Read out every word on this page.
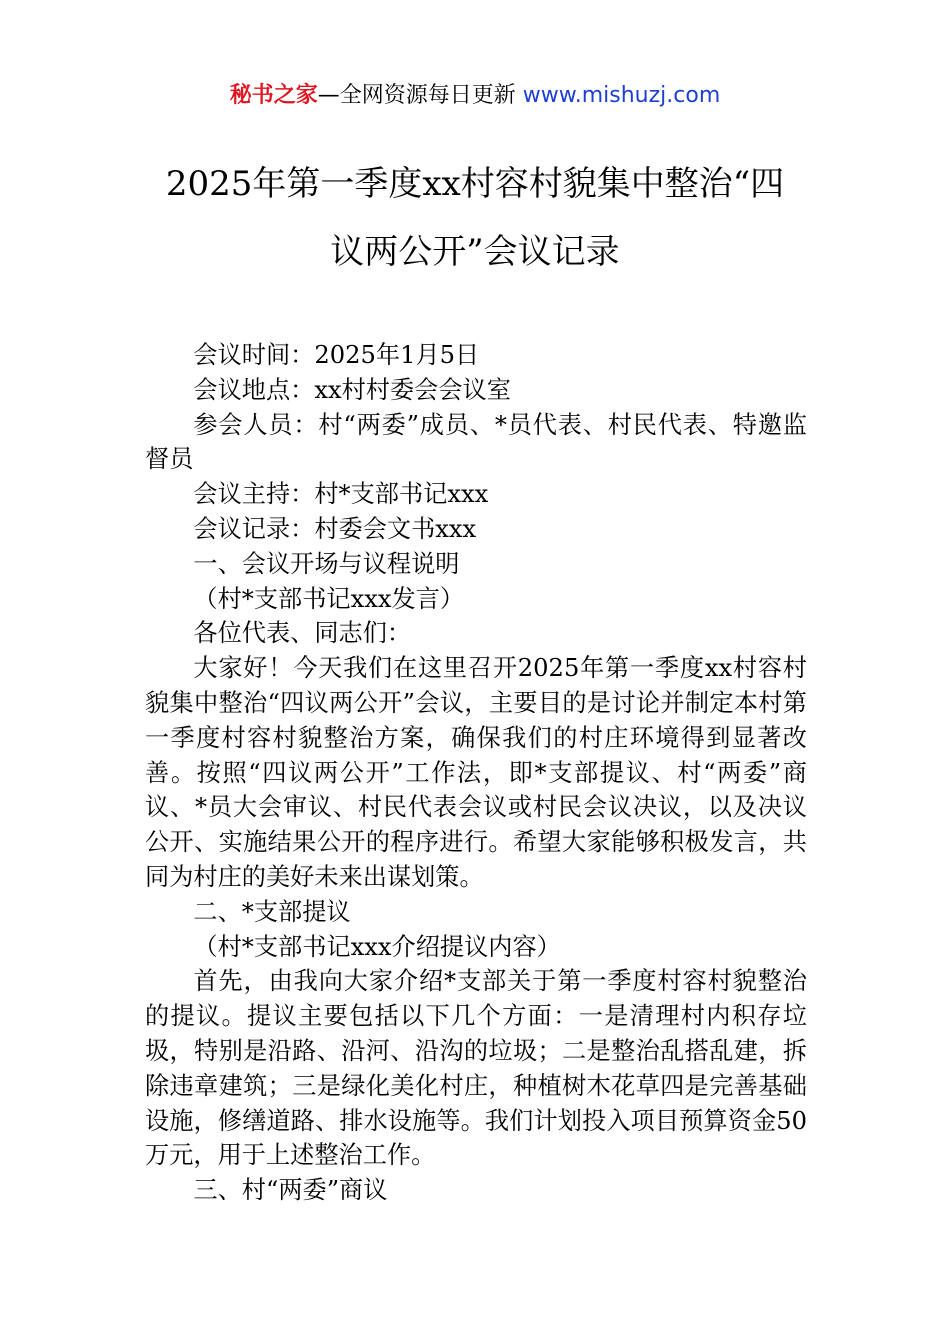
秘书之家—全网资源每日更新 www.mishuzj.com
2025年第一季度xx村容村貌集中整治“四
议两公开”会议记录

会议时间：2025年1月5日

会议地点：xx村村委会会议室

参会人员：村“两委”成员、*员代表、村民代表、特邀监督员

会议主持：村*支部书记xxx

会议记录：村委会文书xxx

一、会议开场与议程说明

（村*支部书记xxx发言）

各位代表、同志们：

大家好！今天我们在这里召开2025年第一季度xx村容村貌集中整治“四议两公开”会议，主要目的是讨论并制定本村第一季度村容村貌整治方案，确保我们的村庄环境得到显著改善。按照“四议两公开”工作法，即*支部提议、村“两委”商议、*员大会审议、村民代表会议或村民会议决议，以及决议公开、实施结果公开的程序进行。希望大家能够积极发言，共同为村庄的美好未来出谋划策。

二、*支部提议

（村*支部书记xxx介绍提议内容）

首先，由我向大家介绍*支部关于第一季度村容村貌整治的提议。提议主要包括以下几个方面：一是清理村内积存垃圾，特别是沿路、沿河、沿沟的垃圾；二是整治乱搭乱建，拆除违章建筑；三是绿化美化村庄，种植树木花草四是完善基础设施，修缮道路、排水设施等。我们计划投入项目预算资金50万元，用于上述整治工作。

三、村“两委”商议
